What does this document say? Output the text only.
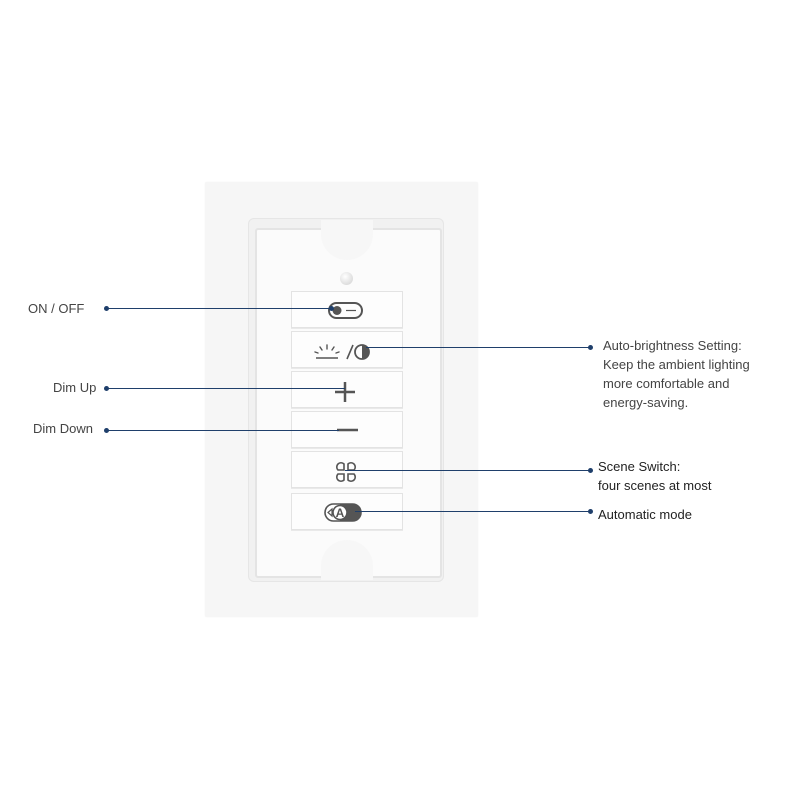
A
ON / OFF
Dim Up
Dim Down
Auto-brightness Setting:
Keep the ambient lighting
more comfortable and
energy-saving.
Scene Switch:
four scenes at most
Automatic mode
